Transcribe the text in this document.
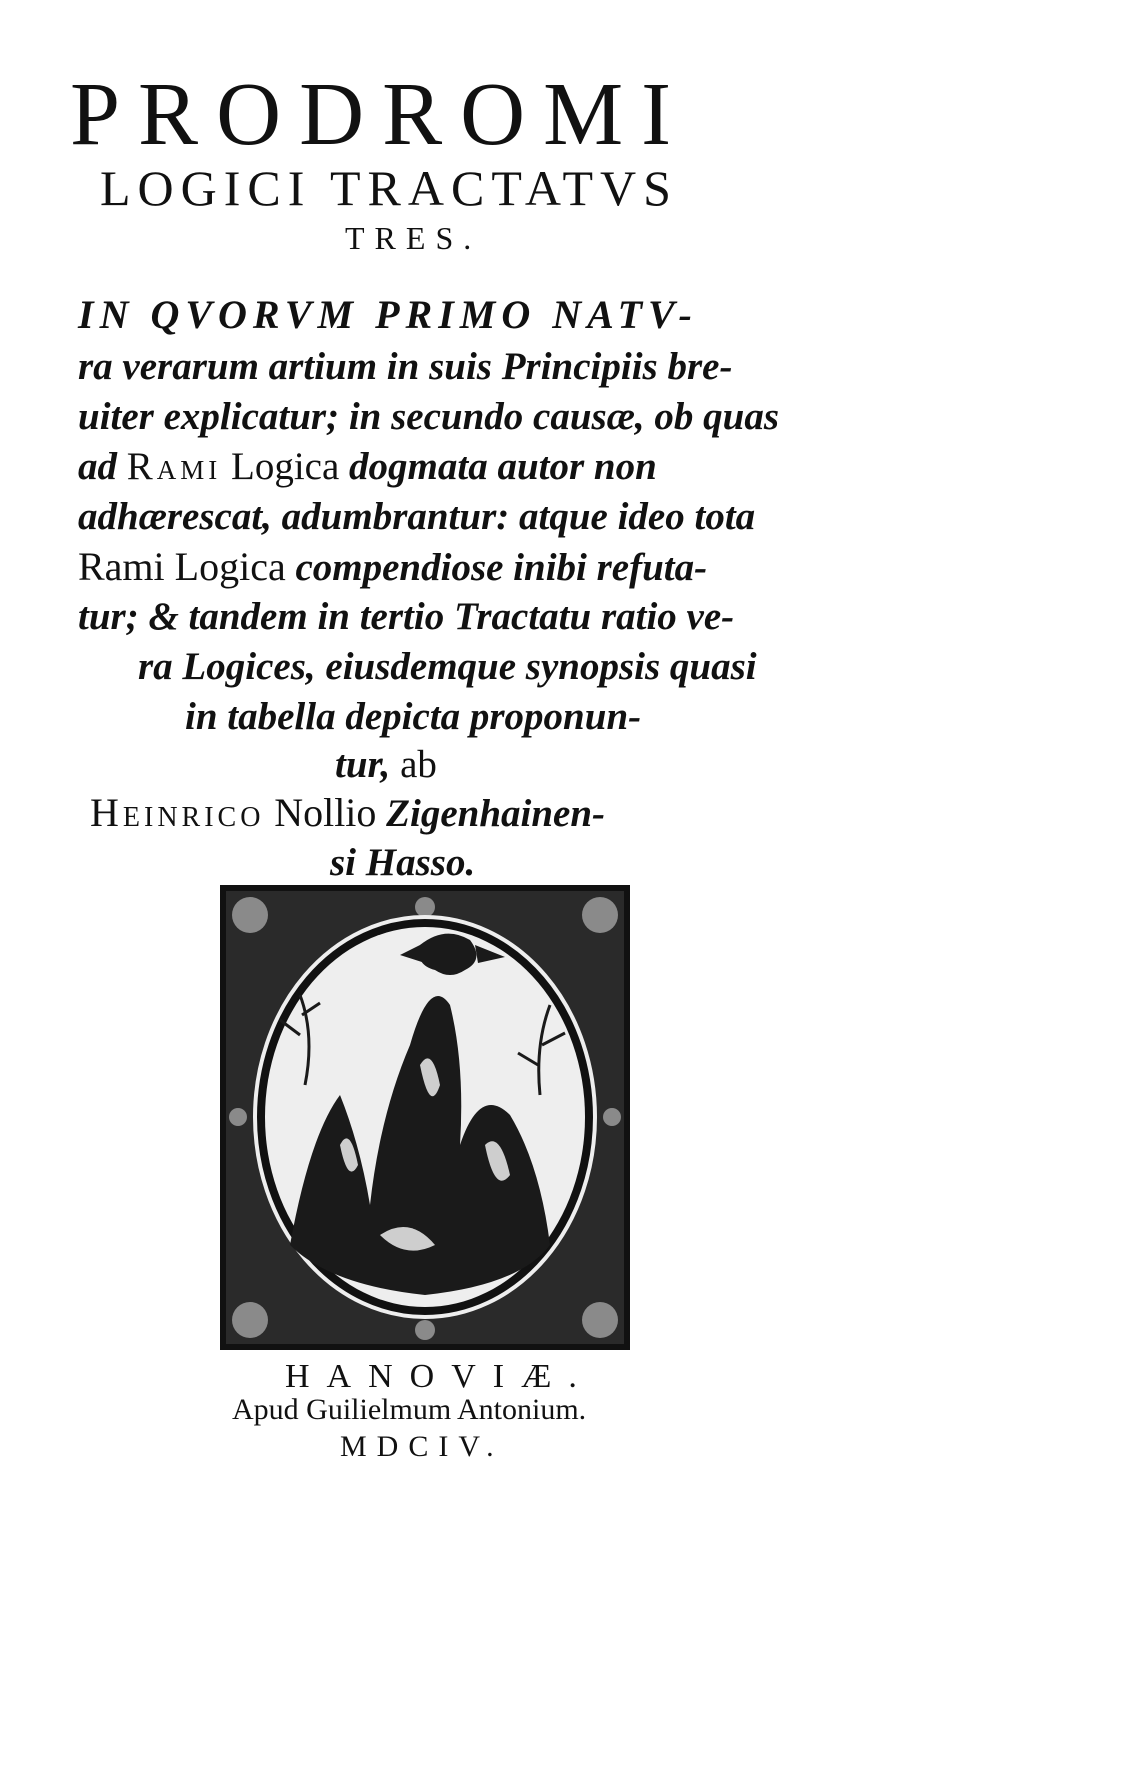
PRODROMI
LOGICI TRACTATVS
TRES.
IN QVORVM PRIMO NATV-
ra verarum artium in suis Principiis bre-
uiter explicatur; in secundo causæ, ob quas
ad Rami Logica dogmata autor non
adhærescat, adumbrantur: atque ideo tota
Rami Logica compendiose inibi refuta-
tur; & tandem in tertio Tractatu ratio ve-
ra Logices, eiusdemque synopsis quasi
in tabella depicta proponun-
tur, ab
Heinrico Nollio Zigenhainen-
si Hasso.
HANOVIÆ.
Apud Guilielmum Antonium.
MDCIV.
